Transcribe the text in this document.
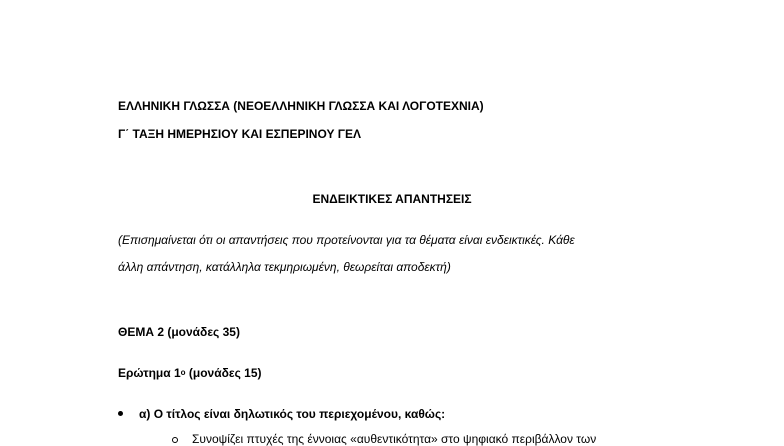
ΕΛΛΗΝΙΚΗ ΓΛΩΣΣΑ (ΝΕΟΕΛΛΗΝΙΚΗ ΓΛΩΣΣΑ ΚΑΙ ΛΟΓΟΤΕΧΝΙΑ)
Γ΄ ΤΑΞΗ ΗΜΕΡΗΣΙΟΥ ΚΑΙ ΕΣΠΕΡΙΝΟΥ ΓΕΛ
ΕΝΔΕΙΚΤΙΚΕΣ ΑΠΑΝΤΗΣΕΙΣ
(Επισημαίνεται ότι οι απαντήσεις που προτείνονται για τα θέματα είναι ενδεικτικές. Κάθε
άλλη απάντηση, κατάλληλα τεκμηριωμένη, θεωρείται αποδεκτή)
ΘΕΜΑ 2 (μονάδες 35)
Ερώτημα $1^o$ (μονάδες 15)
α) Ο τίτλος είναι δηλωτικός του περιεχομένου, καθώς:
Συνοψίζει πτυχές της έννοιας «αυθεντικότητα» στο ψηφιακό περιβάλλον των
